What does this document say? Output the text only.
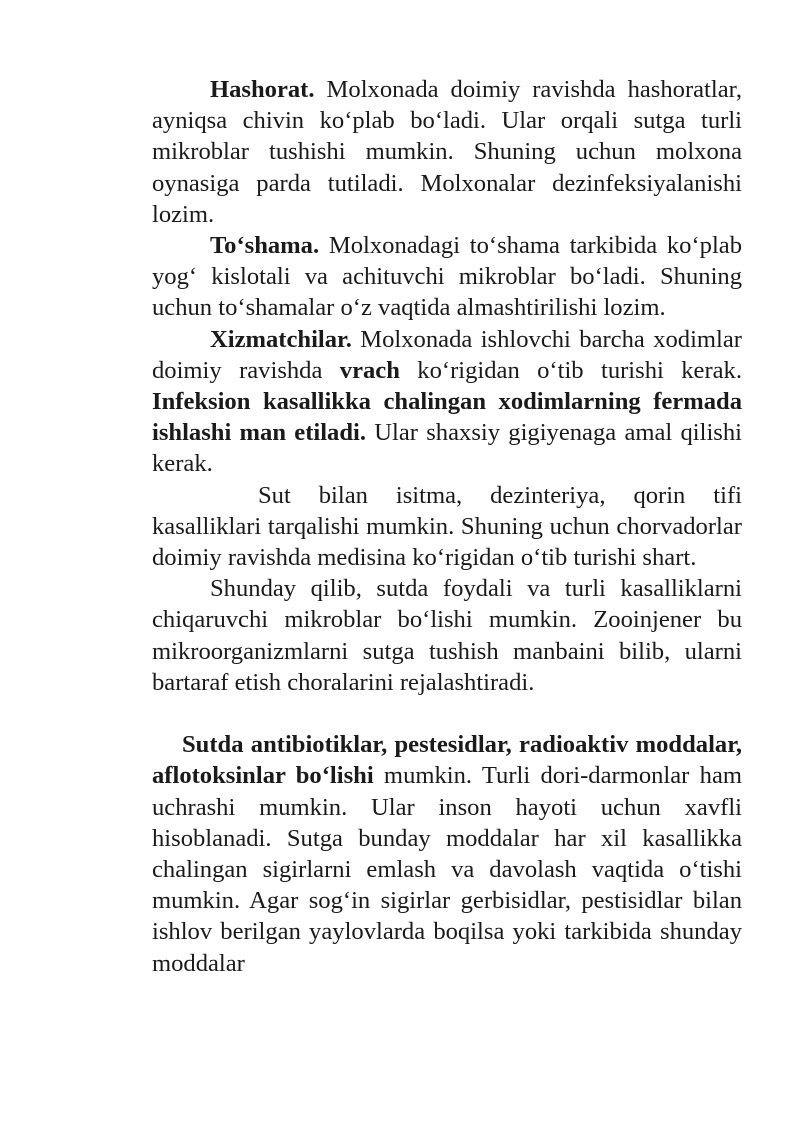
Hashorat. Molxonada doimiy ravishda hashoratlar, ayniqsa chivin ko‘plab bo‘ladi. Ular orqali sutga turli mikroblar tushishi mumkin. Shuning uchun molxona oynasiga parda tutiladi. Molxonalar dezinfeksiyalanishi lozim.

To‘shama. Molxonadagi to‘shama tarkibida ko‘plab yog‘ kislotali va achituvchi mikroblar bo‘ladi. Shuning uchun to‘shamalar o‘z vaqtida almashtirilishi lozim.

Xizmatchilar. Molxonada ishlovchi barcha xodimlar doimiy ravishda vrach ko‘rigidan o‘tib turishi kerak. Infeksion kasallikka chalingan xodimlarning fermada ishlashi man etiladi. Ular shaxsiy gigiyenaga amal qilishi kerak.

Sut bilan isitma, dezinteriya, qorin tifi kasalliklari tarqalishi mumkin. Shuning uchun chorvadorlar doimiy ravishda medisina ko‘rigidan o‘tib turishi shart.

Shunday qilib, sutda foydali va turli kasalliklarni chiqaruvchi mikroblar bo‘lishi mumkin. Zooinjener bu mikroorganizmlarni sutga tushish manbaini bilib, ularni bartaraf etish choralarini rejalashtiradi.

Sutda antibiotiklar, pestesidlar, radioaktiv moddalar, aflotoksinlar bo‘lishi mumkin. Turli dori-darmonlar ham uchrashi mumkin. Ular inson hayoti uchun xavfli hisoblanadi. Sutga bunday moddalar har xil kasallikka chalingan sigirlarni emlash va davolash vaqtida o‘tishi mumkin. Agar sog‘in sigirlar gerbisidlar, pestisidlar bilan ishlov berilgan yaylovlarda boqilsa yoki tarkibida shunday moddalar
